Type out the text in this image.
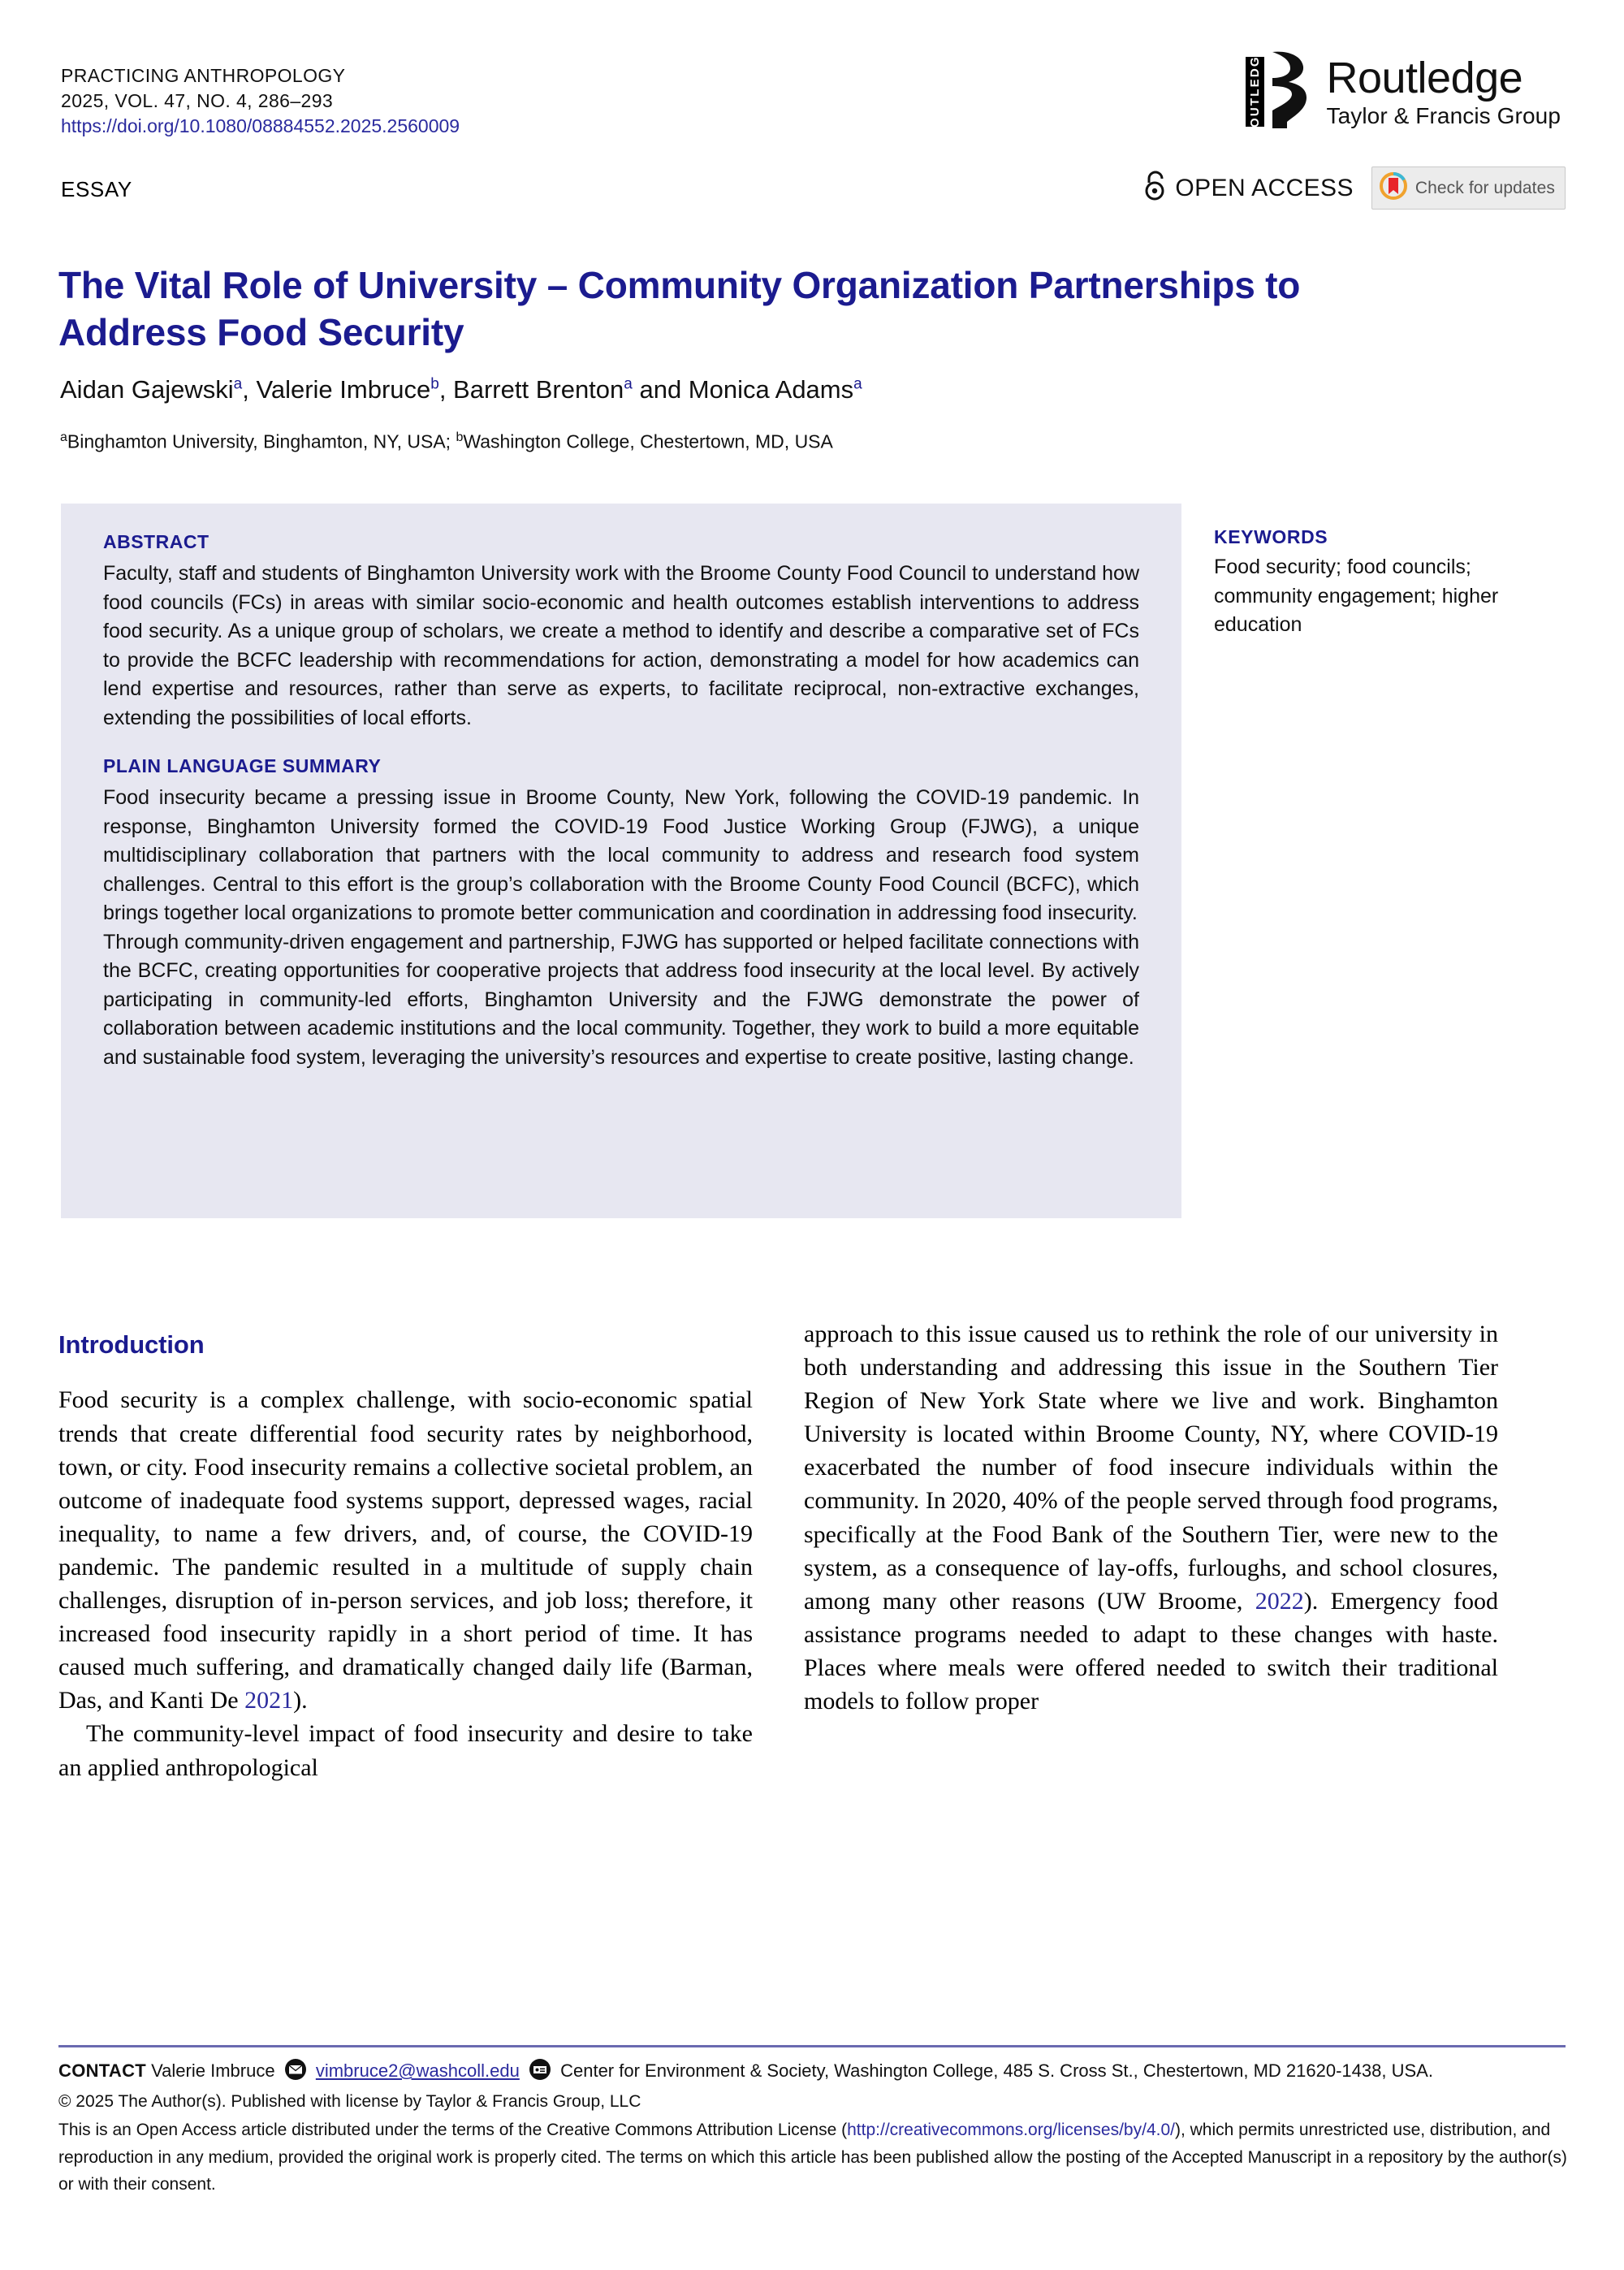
PRACTICING ANTHROPOLOGY
2025, VOL. 47, NO. 4, 286–293
https://doi.org/10.1080/08884552.2025.2560009	ROUTLEDGE Routledge
Taylor & Francis Group
ESSAY	OPEN ACCESS	Check for updates
The Vital Role of University – Community Organization Partnerships to Address Food Security
Aidan Gajewski$^a$, Valerie Imbruce$^b$, Barrett Brenton$^a$ and Monica Adams$^a$
$^a$Binghamton University, Binghamton, NY, USA; $^b$Washington College, Chestertown, MD, USA
ABSTRACT
Faculty, staff and students of Binghamton University work with the Broome County Food Council to understand how food councils (FCs) in areas with similar socio-economic and health outcomes establish interventions to address food security. As a unique group of scholars, we create a method to identify and describe a comparative set of FCs to provide the BCFC leadership with recommendations for action, demonstrating a model for how academics can lend expertise and resources, rather than serve as experts, to facilitate reciprocal, non-extractive exchanges, extending the possibilities of local efforts.
PLAIN LANGUAGE SUMMARY

Food insecurity became a pressing issue in Broome County, New York, following the COVID-19 pandemic. In response, Binghamton University formed the COVID-19 Food Justice Working Group (FJWG), a unique multidisciplinary collaboration that partners with the local community to address and research food system challenges. Central to this effort is the group’s collaboration with the Broome County Food Council (BCFC), which brings together local organizations to promote better communication and coordination in addressing food insecurity.

Through community-driven engagement and partnership, FJWG has supported or helped facilitate connections with the BCFC, creating opportunities for cooperative projects that address food insecurity at the local level. By actively participating in community-led efforts, Binghamton University and the FJWG demonstrate the power of collaboration between academic institutions and the local community. Together, they work to build a more equitable and sustainable food system, leveraging the university’s resources and expertise to create positive, lasting change.

KEYWORDS
Food security; food councils; community engagement; higher education
Introduction

Food security is a complex challenge, with socio-economic spatial trends that create differential food security rates by neighborhood, town, or city. Food insecurity remains a collective societal problem, an outcome of inadequate food systems support, depressed wages, racial inequality, to name a few drivers, and, of course, the COVID-19 pandemic. The pandemic resulted in a multitude of supply chain challenges, disruption of in-person services, and job loss; therefore, it increased food insecurity rapidly in a short period of time. It has caused much suffering, and dramatically changed daily life (Barman, Das, and Kanti De 2021).

The community-level impact of food insecurity and desire to take an applied anthropological

approach to this issue caused us to rethink the role of our university in both understanding and addressing this issue in the Southern Tier Region of New York State where we live and work. Binghamton University is located within Broome County, NY, where COVID-19 exacerbated the number of food insecure individuals within the community. In 2020, 40% of the people served through food programs, specifically at the Food Bank of the Southern Tier, were new to the system, as a consequence of lay-offs, furloughs, and school closures, among many other reasons (UW Broome, 2022). Emergency food assistance programs needed to adapt to these changes with haste. Places where meals were offered needed to switch their traditional models to follow proper

CONTACT Valerie Imbruce vimbruce2@washcoll.edu Center for Environment & Society, Washington College, 485 S. Cross St., Chestertown, MD 21620-1438, USA.
© 2025 The Author(s). Published with license by Taylor & Francis Group, LLC
This is an Open Access article distributed under the terms of the Creative Commons Attribution License (http://creativecommons.org/licenses/by/4.0/), which permits unrestricted use, distribution, and reproduction in any medium, provided the original work is properly cited. The terms on which this article has been published allow the posting of the Accepted Manuscript in a repository by the author(s) or with their consent.
